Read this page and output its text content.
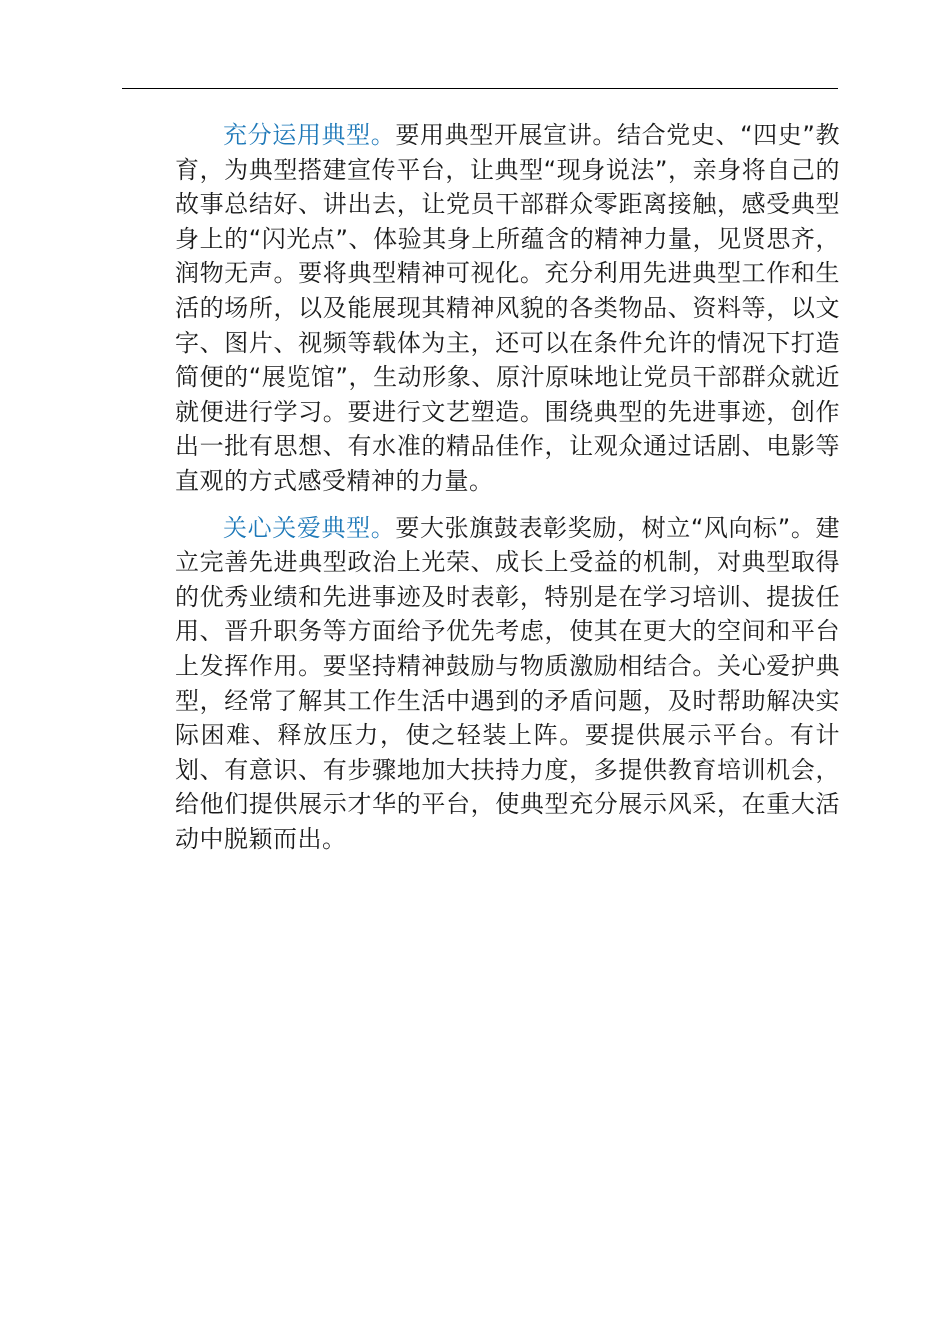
充分运用典型。要用典型开展宣讲。结合党史、“四史”教育，为典型搭建宣传平台，让典型“现身说法”，亲身将自己的故事总结好、讲出去，让党员干部群众零距离接触，感受典型身上的“闪光点”、体验其身上所蕴含的精神力量，见贤思齐，润物无声。要将典型精神可视化。充分利用先进典型工作和生活的场所，以及能展现其精神风貌的各类物品、资料等，以文字、图片、视频等载体为主，还可以在条件允许的情况下打造简便的“展览馆”，生动形象、原汁原味地让党员干部群众就近就便进行学习。要进行文艺塑造。围绕典型的先进事迹，创作出一批有思想、有水准的精品佳作，让观众通过话剧、电影等直观的方式感受精神的力量。

关心关爱典型。要大张旗鼓表彰奖励，树立“风向标”。建立完善先进典型政治上光荣、成长上受益的机制，对典型取得的优秀业绩和先进事迹及时表彰，特别是在学习培训、提拔任用、晋升职务等方面给予优先考虑，使其在更大的空间和平台上发挥作用。要坚持精神鼓励与物质激励相结合。关心爱护典型，经常了解其工作生活中遇到的矛盾问题，及时帮助解决实际困难、释放压力，使之轻装上阵。要提供展示平台。有计划、有意识、有步骤地加大扶持力度，多提供教育培训机会，给他们提供展示才华的平台，使典型充分展示风采，在重大活动中脱颖而出。
